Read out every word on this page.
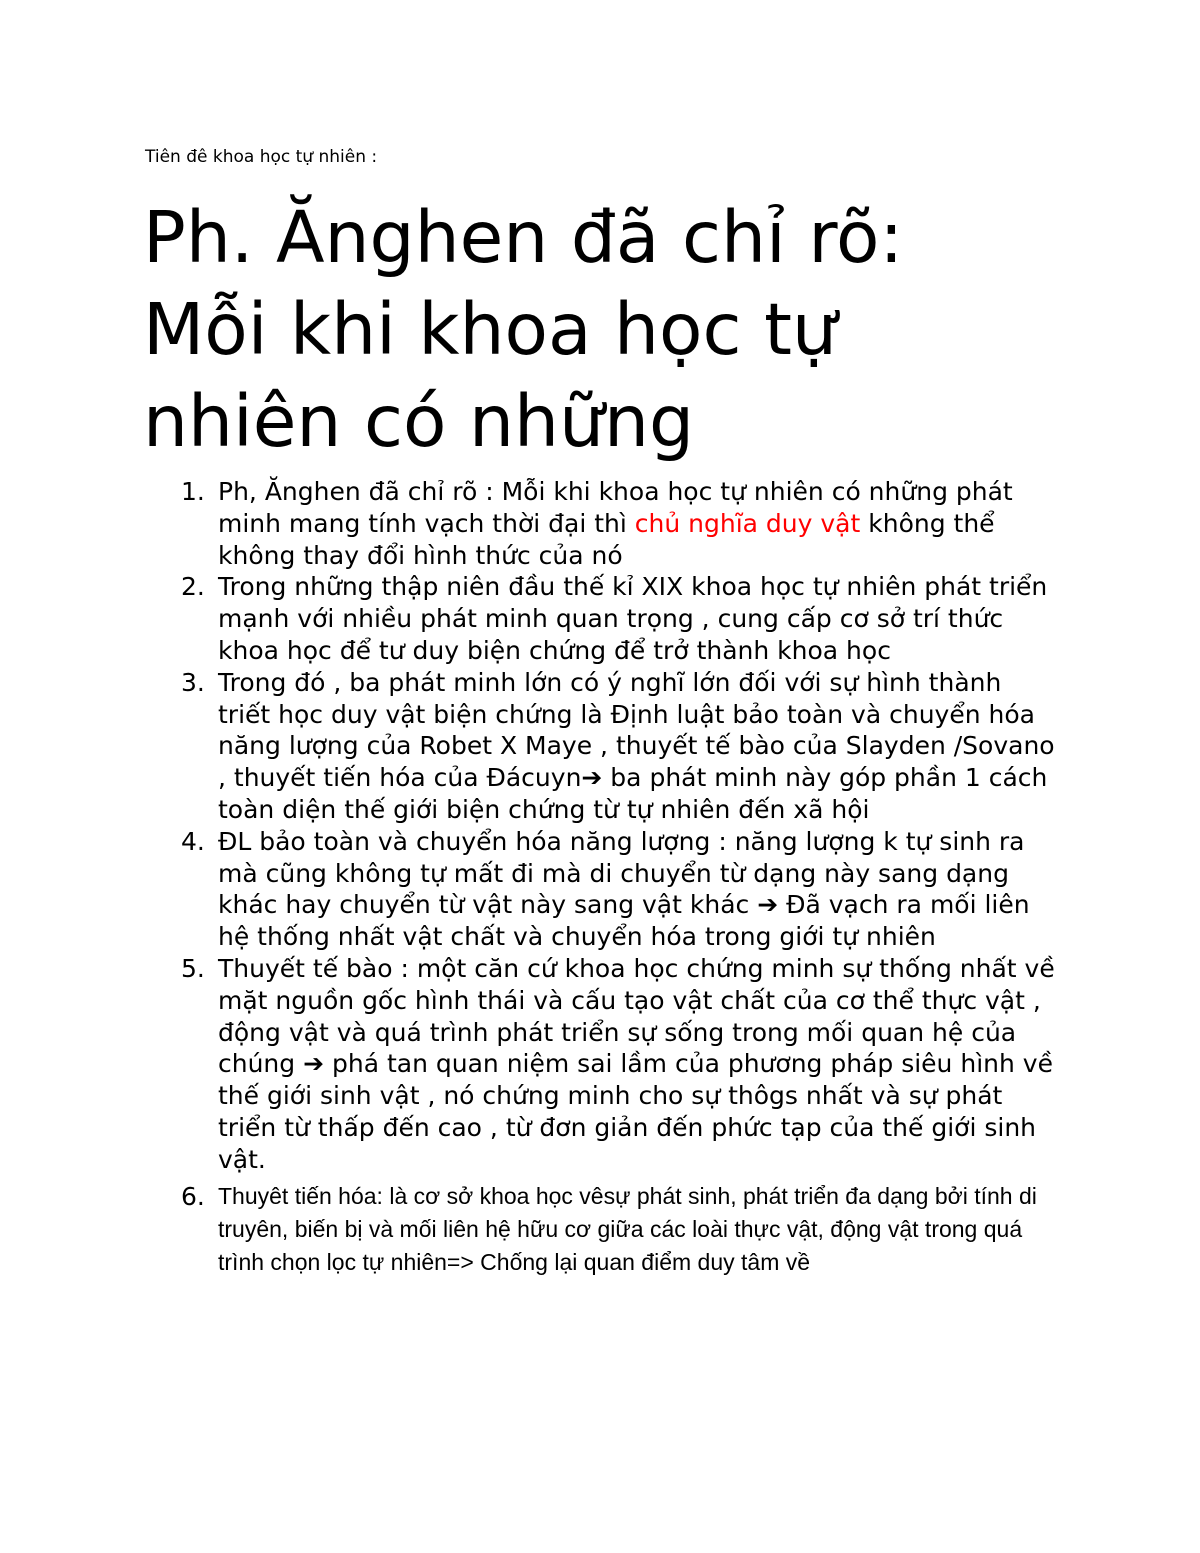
Tiên đê khoa học tự nhiên :
Ph. Ănghen đã chỉ rõ:
Mỗi khi khoa học tự
nhiên có những
1. Ph, Ănghen đã chỉ rõ : Mỗi khi khoa học tự nhiên có những phát minh mang tính vạch thời đại thì chủ nghĩa duy vật không thể không thay đổi hình thức của nó
2. Trong những thập niên đầu thế kỉ XIX khoa học tự nhiên phát triển mạnh với nhiều phát minh quan trọng , cung cấp cơ sở trí thức khoa học để tư duy biện chứng để trở thành khoa học
3. Trong đó , ba phát minh lớn có ý nghĩ lớn đối với sự hình thành triết học duy vật biện chứng là Định luật bảo toàn và chuyển hóa năng lượng của Robet X Maye , thuyết tế bào của Slayden /Sovano , thuyết tiến hóa của Đácuyn➔ ba phát minh này góp phần 1 cách toàn diện thế giới biện chứng từ tự nhiên đến xã hội
4. ĐL bảo toàn và chuyển hóa năng lượng : năng lượng k tự sinh ra mà cũng không tự mất đi mà di chuyển từ dạng này sang dạng khác hay chuyển từ vật này sang vật khác ➔ Đã vạch ra mối liên hệ thống nhất vật chất và chuyển hóa trong giới tự nhiên
5. Thuyết tế bào : một căn cứ khoa học chứng minh sự thống nhất về mặt nguồn gốc hình thái và cấu tạo vật chất của cơ thể thực vật , động vật và quá trình phát triển sự sống trong mối quan hệ của chúng ➔ phá tan quan niệm sai lầm của phương pháp siêu hình về thế giới sinh vật , nó chứng minh cho sự thôgs nhất và sự phát triển từ thấp đến cao , từ đơn giản đến phức tạp của thế giới sinh vật.
6. Thuyêt tiến hóa: là cơ sở khoa học vêsự phát sinh, phát triển đa dạng bởi tính di truyên, biến bị và mối liên hệ hữu cơ giữa các loài thực vật, động vật trong quá trình chọn lọc tự nhiên=> Chống lại quan điểm duy tâm về
